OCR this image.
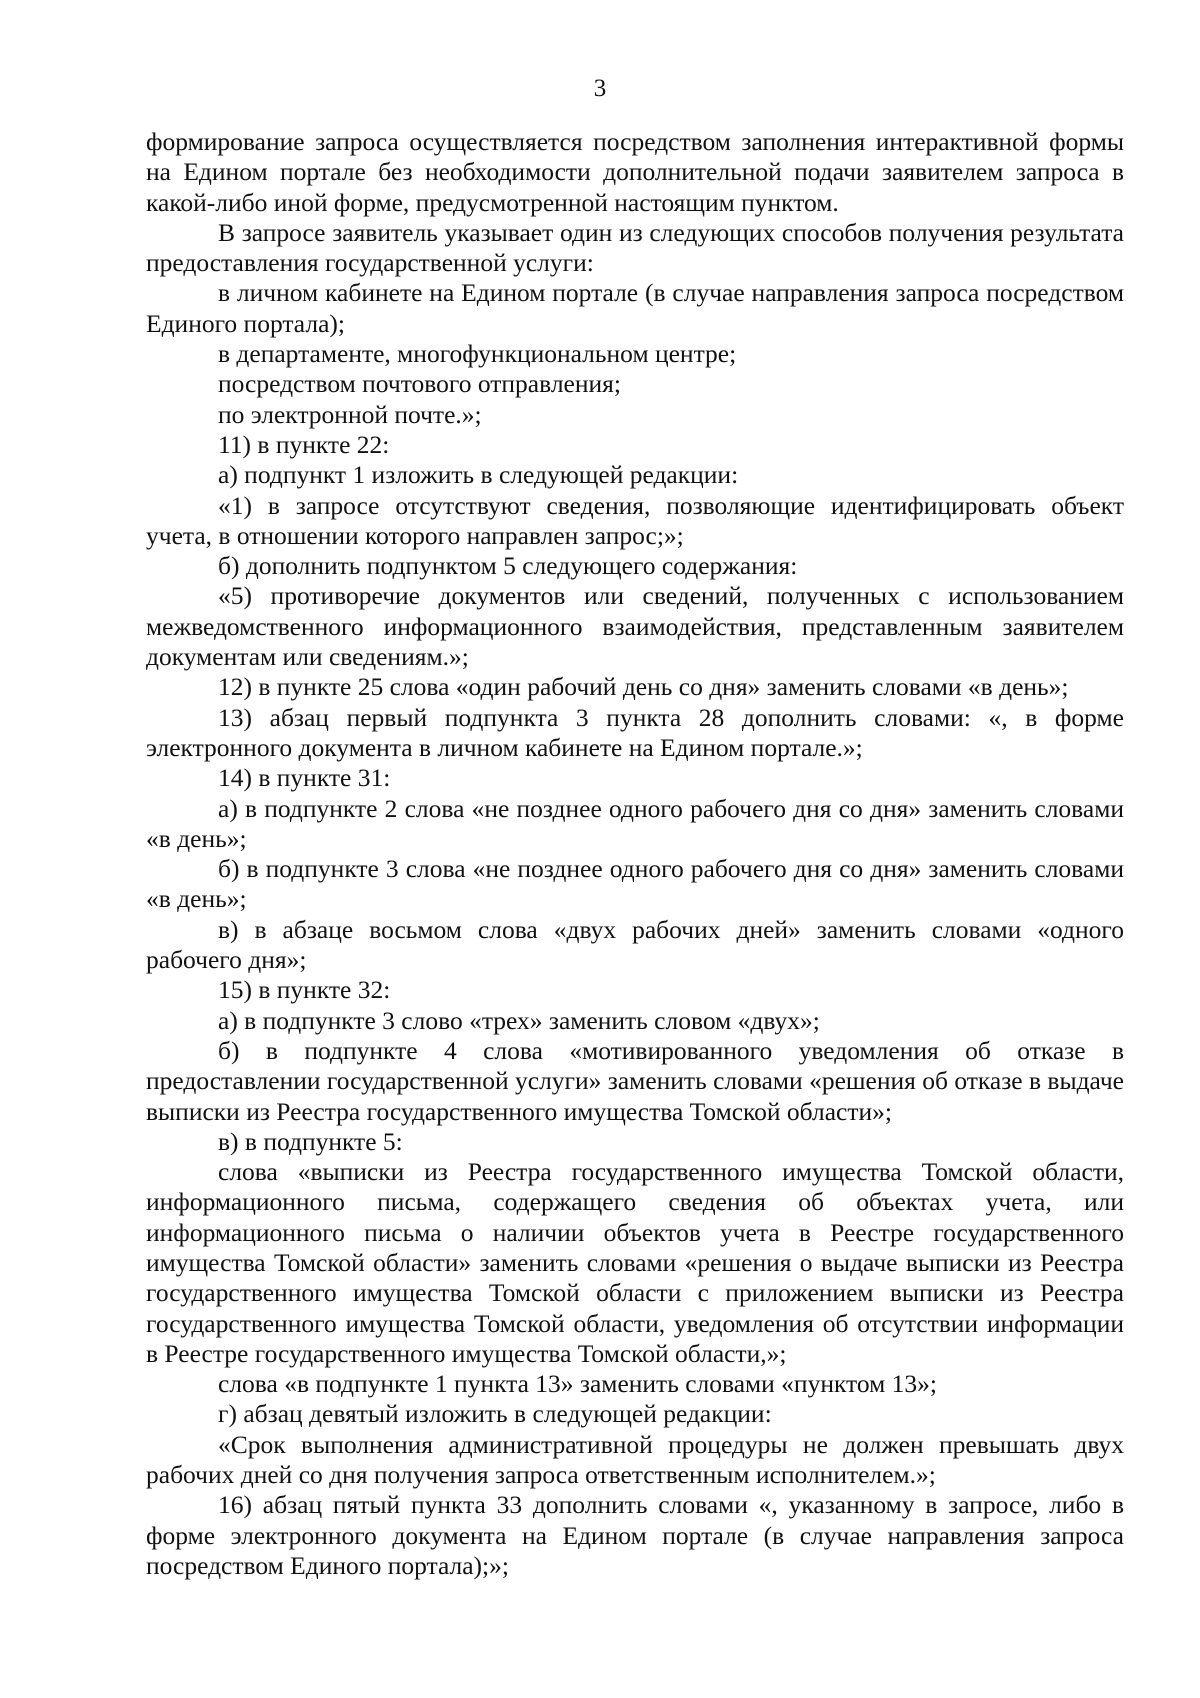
3

формирование запроса осуществляется посредством заполнения интерактивной формы на Едином портале без необходимости дополнительной подачи заявителем запроса в какой-либо иной форме, предусмотренной настоящим пунктом.

В запросе заявитель указывает один из следующих способов получения результата предоставления государственной услуги:

в личном кабинете на Едином портале (в случае направления запроса посредством Единого портала);

в департаменте, многофункциональном центре;

посредством почтового отправления;

по электронной почте.»;

11) в пункте 22:

а) подпункт 1 изложить в следующей редакции:

«1) в запросе отсутствуют сведения, позволяющие идентифицировать объект учета, в отношении которого направлен запрос;»;

б) дополнить подпунктом 5 следующего содержания:

«5) противоречие документов или сведений, полученных с использованием межведомственного информационного взаимодействия, представленным заявителем документам или сведениям.»;

12) в пункте 25 слова «один рабочий день со дня» заменить словами «в день»;

13) абзац первый подпункта 3 пункта 28 дополнить словами: «, в форме электронного документа в личном кабинете на Едином портале.»;

14) в пункте 31:

а) в подпункте 2 слова «не позднее одного рабочего дня со дня» заменить словами «в день»;

б) в подпункте 3 слова «не позднее одного рабочего дня со дня» заменить словами «в день»;

в) в абзаце восьмом слова «двух рабочих дней» заменить словами «одного рабочего дня»;

15) в пункте 32:

а) в подпункте 3 слово «трех» заменить словом «двух»;

б) в подпункте 4 слова «мотивированного уведомления об отказе в предоставлении государственной услуги» заменить словами «решения об отказе в выдаче выписки из Реестра государственного имущества Томской области»;

в) в подпункте 5:

слова «выписки из Реестра государственного имущества Томской области, информационного письма, содержащего сведения об объектах учета, или информационного письма о наличии объектов учета в Реестре государственного имущества Томской области» заменить словами «решения о выдаче выписки из Реестра государственного имущества Томской области с приложением выписки из Реестра государственного имущества Томской области, уведомления об отсутствии информации в Реестре государственного имущества Томской области,»;

слова «в подпункте 1 пункта 13» заменить словами «пунктом 13»;

г) абзац девятый изложить в следующей редакции:

«Срок выполнения административной процедуры не должен превышать двух рабочих дней со дня получения запроса ответственным исполнителем.»;

16) абзац пятый пункта 33 дополнить словами «, указанному в запросе, либо в форме электронного документа на Едином портале (в случае направления запроса посредством Единого портала);»;
